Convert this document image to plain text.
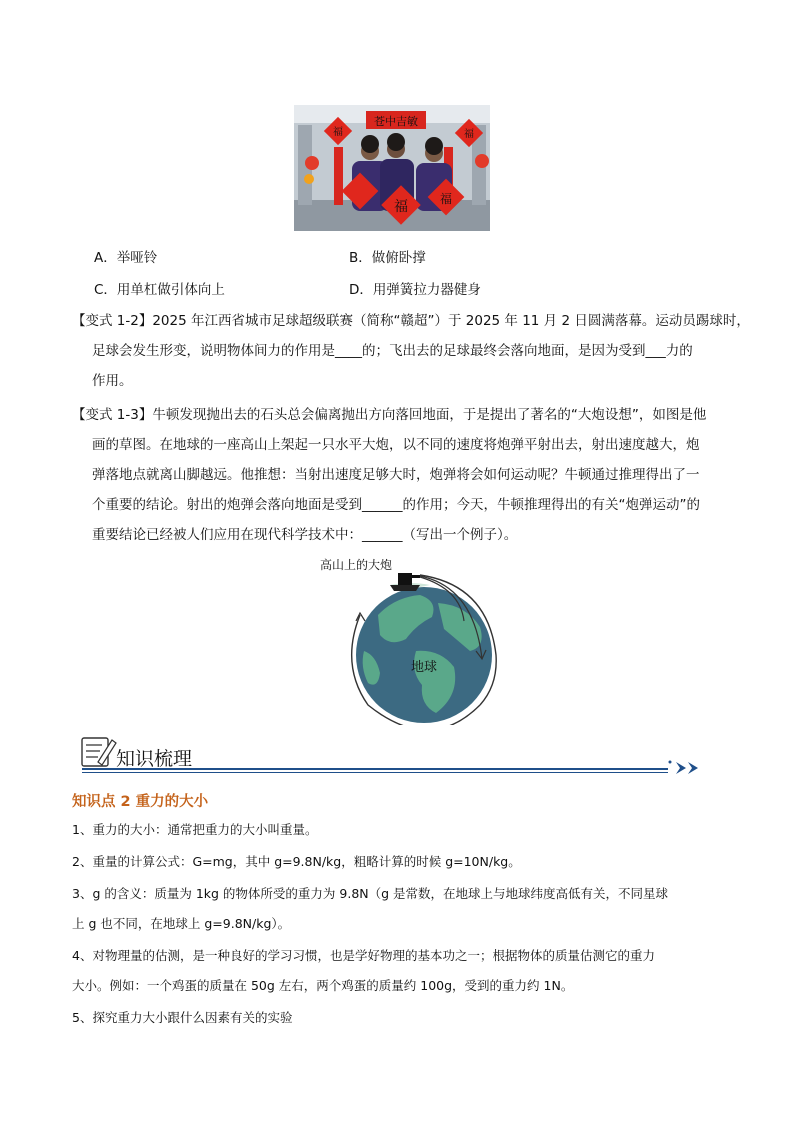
苍中吉敏
福	福
福	福
A．举哑铃	B．做俯卧撑
C．用单杠做引体向上	D．用弹簧拉力器健身
【变式 1-2】2025 年江西省城市足球超级联赛（简称“赣超”）于 2025 年 11 月 2 日圆满落幕。运动员踢球时，
足球会发生形变，说明物体间力的作用是____的；飞出去的足球最终会落向地面，是因为受到___力的
作用。
【变式 1-3】牛顿发现抛出去的石头总会偏离抛出方向落回地面，于是提出了著名的“大炮设想”，如图是他
画的草图。在地球的一座高山上架起一只水平大炮，以不同的速度将炮弹平射出去，射出速度越大，炮
弹落地点就离山脚越远。他推想：当射出速度足够大时，炮弹将会如何运动呢？牛顿通过推理得出了一
个重要的结论。射出的炮弹会落向地面是受到______的作用；今天，牛顿推理得出的有关“炮弹运动”的
重要结论已经被人们应用在现代科学技术中：______（写出一个例子）。
高山上的大炮
地球
知识梳理
知识点 2 重力的大小
1、重力的大小：通常把重力的大小叫重量。
2、重量的计算公式：G=mg，其中 g=9.8N/kg，粗略计算的时候 g=10N/kg。
3、g 的含义：质量为 1kg 的物体所受的重力为 9.8N（g 是常数，在地球上与地球纬度高低有关，不同星球
上 g 也不同，在地球上 g=9.8N/kg）。
4、对物理量的估测，是一种良好的学习习惯，也是学好物理的基本功之一；根据物体的质量估测它的重力
大小。例如：一个鸡蛋的质量在 50g 左右，两个鸡蛋的质量约 100g，受到的重力约 1N。
5、探究重力大小跟什么因素有关的实验
